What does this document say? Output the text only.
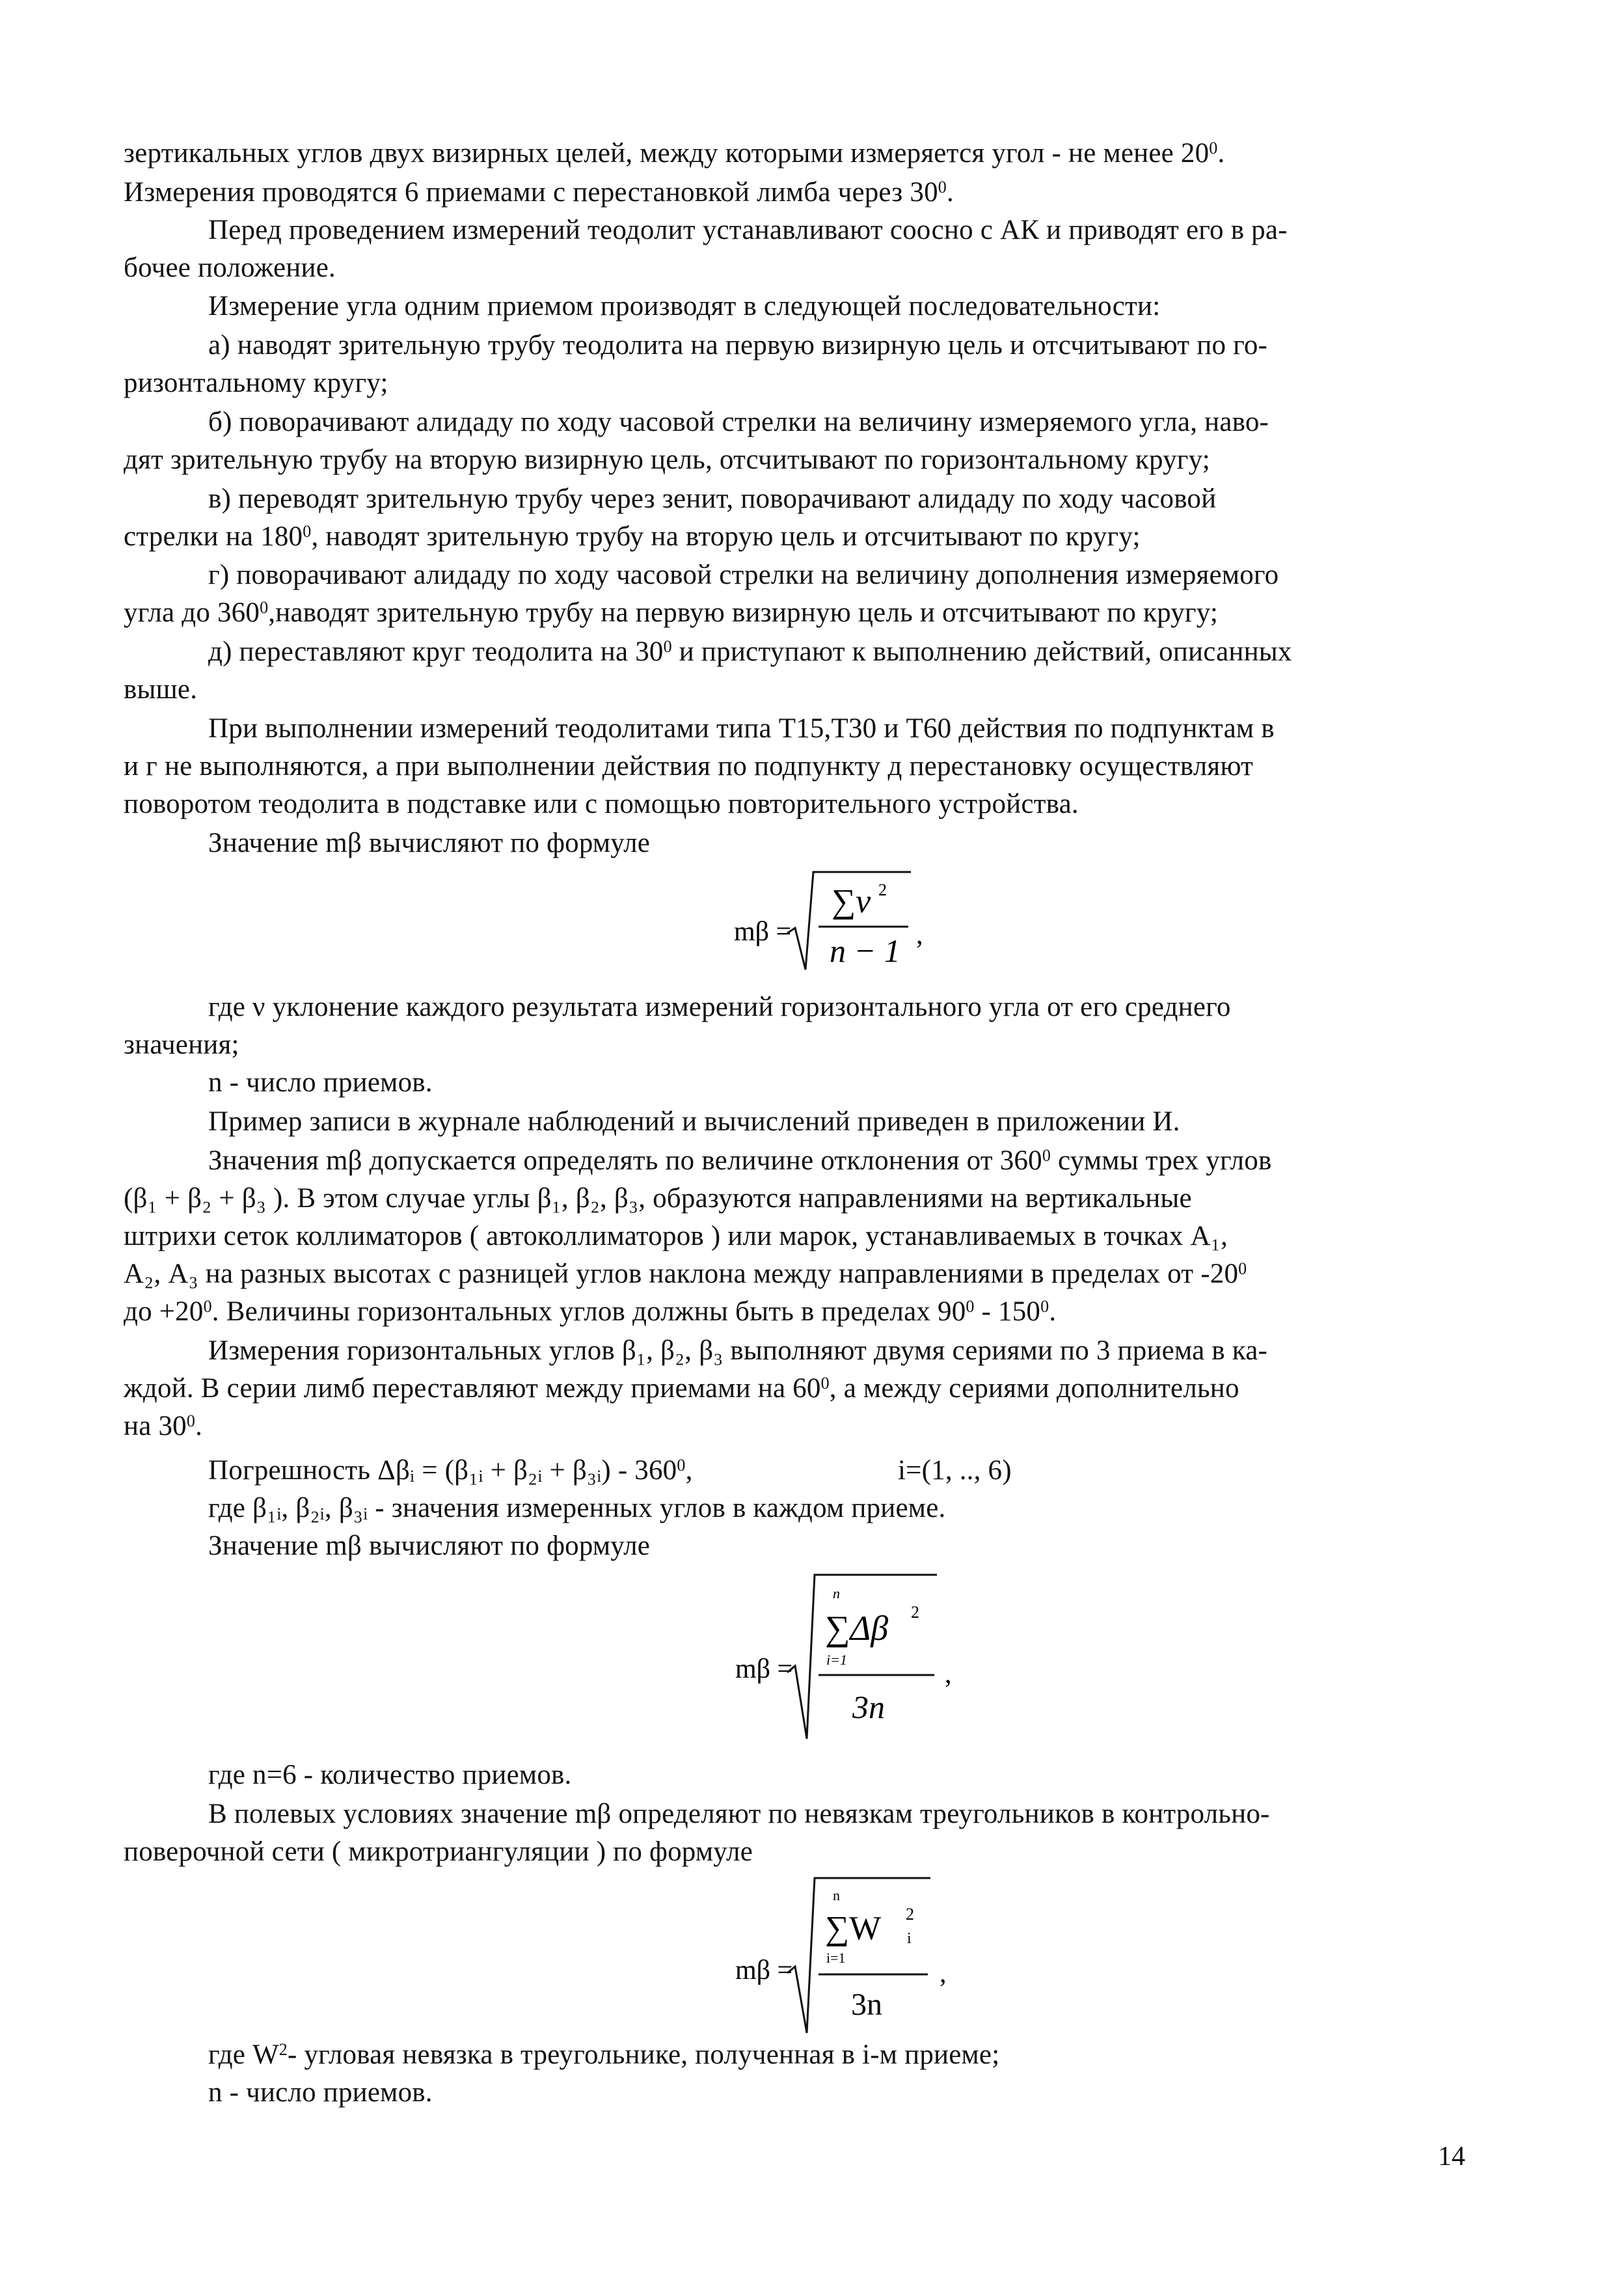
зертикальных углов двух визирных целей, между которыми измеряется угол - не менее $20^0$.
Измерения проводятся 6 приемами с перестановкой лимба через $30^0$.
Перед проведением измерений теодолит устанавливают соосно с АК и приводят его в ра-
бочее положение.
Измерение угла одним приемом производят в следующей последовательности:
а) наводят зрительную трубу теодолита на первую визирную цель и отсчитывают по го-
ризонтальному кругу;
б) поворачивают алидаду по ходу часовой стрелки на величину измеряемого угла, наво-
дят зрительную трубу на вторую визирную цель, отсчитывают по горизонтальному кругу;
в) переводят зрительную трубу через зенит, поворачивают алидаду по ходу часовой
стрелки на $180^0$, наводят зрительную трубу на вторую цель и отсчитывают по кругу;
г) поворачивают алидаду по ходу часовой стрелки на величину дополнения измеряемого
угла до $360^0,наводят$ зрительную трубу на первую визирную цель и отсчитывают по кругу;
д) переставляют круг теодолита на $30^0$ и приступают к выполнению действий, описанных
выше.
При выполнении измерений теодолитами типа Т15,Т30 и Т60 действия по подпунктам в
и г не выполняются, а при выполнении действия по подпункту д перестановку осуществляют
поворотом теодолита в подставке или с помощью повторительного устройства.
Значение mβ вычисляют по формуле
mβ =
∑ν 2
n − 1 ,
где ν уклонение каждого результата измерений горизонтального угла от его среднего
значения;
n - число приемов.
Пример записи в журнале наблюдений и вычислений приведен в приложении И.
Значения mβ допускается определять по величине отклонения от $360^0$ суммы трех углов
(β₁ + β₂ + β₃ ). В этом случае углы β₁, β₂, β₃, образуются направлениями на вертикальные
штрихи сеток коллиматоров ( автоколлиматоров ) или марок, устанавливаемых в точках А₁,
А₂, А₃ на разных высотах с разницей углов наклона между направлениями в пределах от $-20^0$
до $+20^0$. Величины горизонтальных углов должны быть в пределах $90^0 - 150^0$.
Измерения горизонтальных углов β₁, β₂, β₃ выполняют двумя сериями по 3 приема в ка-
ждой. В серии лимб переставляют между приемами на $60^0$, а между сериями дополнительно
на $30^0$.
Погрешность Δβᵢ = (β₁ᵢ + β₂ᵢ + β₃ᵢ) - $360^0$,	i=(1, .., 6)
где β₁ᵢ, β₂ᵢ, β₃ᵢ - значения измеренных углов в каждом приеме.
Значение mβ вычисляют по формуле
mβ =
n
∑Δβ 2
i=1
3n
,
где n=6 - количество приемов.
В полевых условиях значение mβ определяют по невязкам треугольников в контрольно-
поверочной сети ( микротриангуляции ) по формуле
mβ =
n
∑W 2
i
i=1
3n
,
где $W^2-$ угловая невязка в треугольнике, полученная в i-м приеме;
n - число приемов.
14
